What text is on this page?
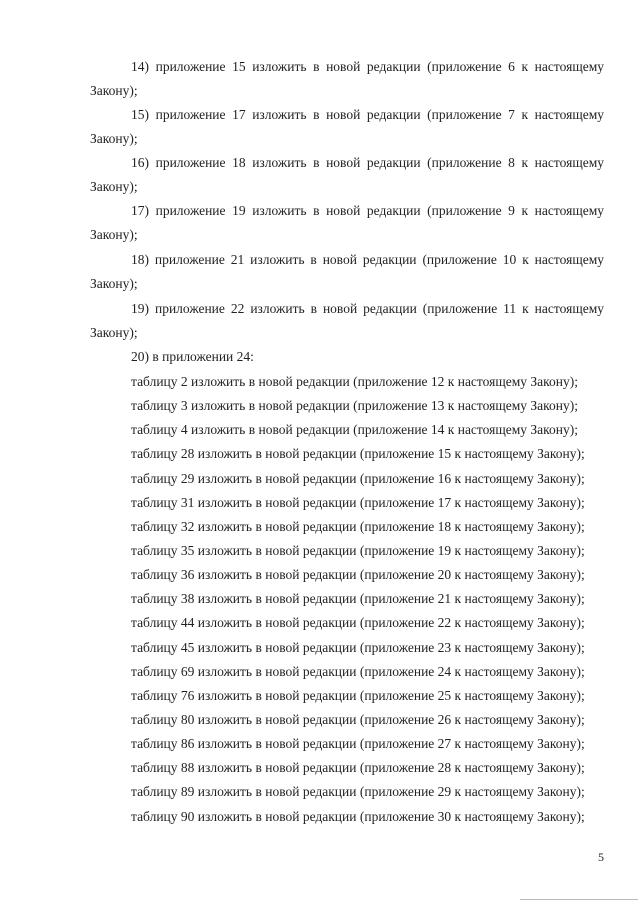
14) приложение 15 изложить в новой редакции (приложение 6 к настоящему
Закону);
15) приложение 17 изложить в новой редакции (приложение 7 к настоящему
Закону);
16) приложение 18 изложить в новой редакции (приложение 8 к настоящему
Закону);
17) приложение 19 изложить в новой редакции (приложение 9 к настоящему
Закону);
18) приложение 21 изложить в новой редакции (приложение 10 к настоящему
Закону);
19) приложение 22 изложить в новой редакции (приложение 11 к настоящему
Закону);
20) в приложении 24:
таблицу 2 изложить в новой редакции (приложение 12 к настоящему Закону);
таблицу 3 изложить в новой редакции (приложение 13 к настоящему Закону);
таблицу 4 изложить в новой редакции (приложение 14 к настоящему Закону);
таблицу 28 изложить в новой редакции (приложение 15 к настоящему Закону);
таблицу 29 изложить в новой редакции (приложение 16 к настоящему Закону);
таблицу 31 изложить в новой редакции (приложение 17 к настоящему Закону);
таблицу 32 изложить в новой редакции (приложение 18 к настоящему Закону);
таблицу 35 изложить в новой редакции (приложение 19 к настоящему Закону);
таблицу 36 изложить в новой редакции (приложение 20 к настоящему Закону);
таблицу 38 изложить в новой редакции (приложение 21 к настоящему Закону);
таблицу 44 изложить в новой редакции (приложение 22 к настоящему Закону);
таблицу 45 изложить в новой редакции (приложение 23 к настоящему Закону);
таблицу 69 изложить в новой редакции (приложение 24 к настоящему Закону);
таблицу 76 изложить в новой редакции (приложение 25 к настоящему Закону);
таблицу 80 изложить в новой редакции (приложение 26 к настоящему Закону);
таблицу 86 изложить в новой редакции (приложение 27 к настоящему Закону);
таблицу 88 изложить в новой редакции (приложение 28 к настоящему Закону);
таблицу 89 изложить в новой редакции (приложение 29 к настоящему Закону);
таблицу 90 изложить в новой редакции (приложение 30 к настоящему Закону);
5
